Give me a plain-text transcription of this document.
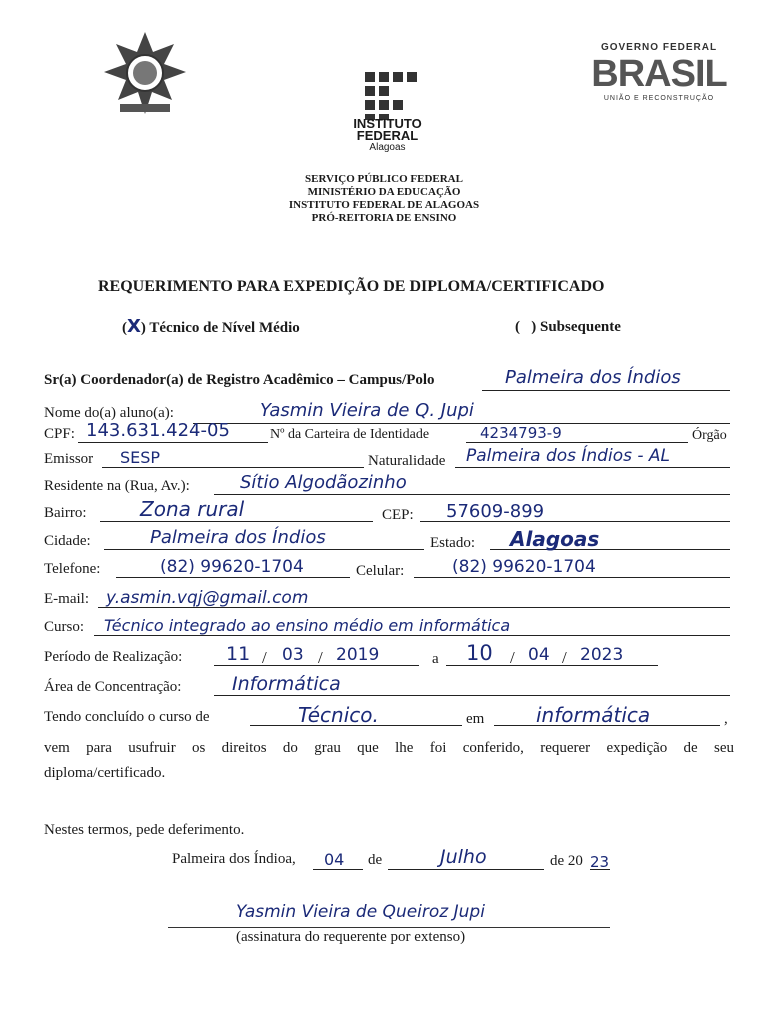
INSTITUTO
FEDERAL
Alagoas
GOVERNO FEDERAL
BRASIL
UNIÃO E RECONSTRUÇÃO
SERVIÇO PÚBLICO FEDERAL
MINISTÉRIO DA EDUCAÇÃO
INSTITUTO FEDERAL DE ALAGOAS
PRÓ-REITORIA DE ENSINO
REQUERIMENTO PARA EXPEDIÇÃO DE DIPLOMA/CERTIFICADO
(X) Técnico de Nível Médio	( ) Subsequente
Sr(a) Coordenador(a) de Registro Acadêmico – Campus/Polo	Palmeira dos Índios
Nome do(a) aluno(a):	Yasmin Vieira de Q. Jupi
CPF: 143.631.424-05	Nº da Carteira de Identidade	4234793-9	Órgão
Emissor SESP	Naturalidade Palmeira dos Índios - AL
Residente na (Rua, Av.):	Sítio Algodãozinho
Bairro:	Zona rural	CEP: 57609-899
Cidade:	Palmeira dos Índios	Estado: Alagoas
Telefone:	(82) 99620-1704	Celular:	(82) 99620-1704
E-mail: y.asmin.vqj@gmail.com
Curso: Técnico integrado ao ensino médio em informática
Período de Realização: 11 / 03 / 2019	a 10 / 04 / 2023
Área de Concentração:	Informática
Tendo concluído o curso de	Técnico.	em	informática	,
vem para usufruir os direitos do grau que lhe foi conferido, requerer expedição de seu
diploma/certificado.
Nestes termos, pede deferimento.
Palmeira dos Índioa, 04 de	Julho	de 20 23
Yasmin Vieira de Queiroz Jupi
(assinatura do requerente por extenso)
